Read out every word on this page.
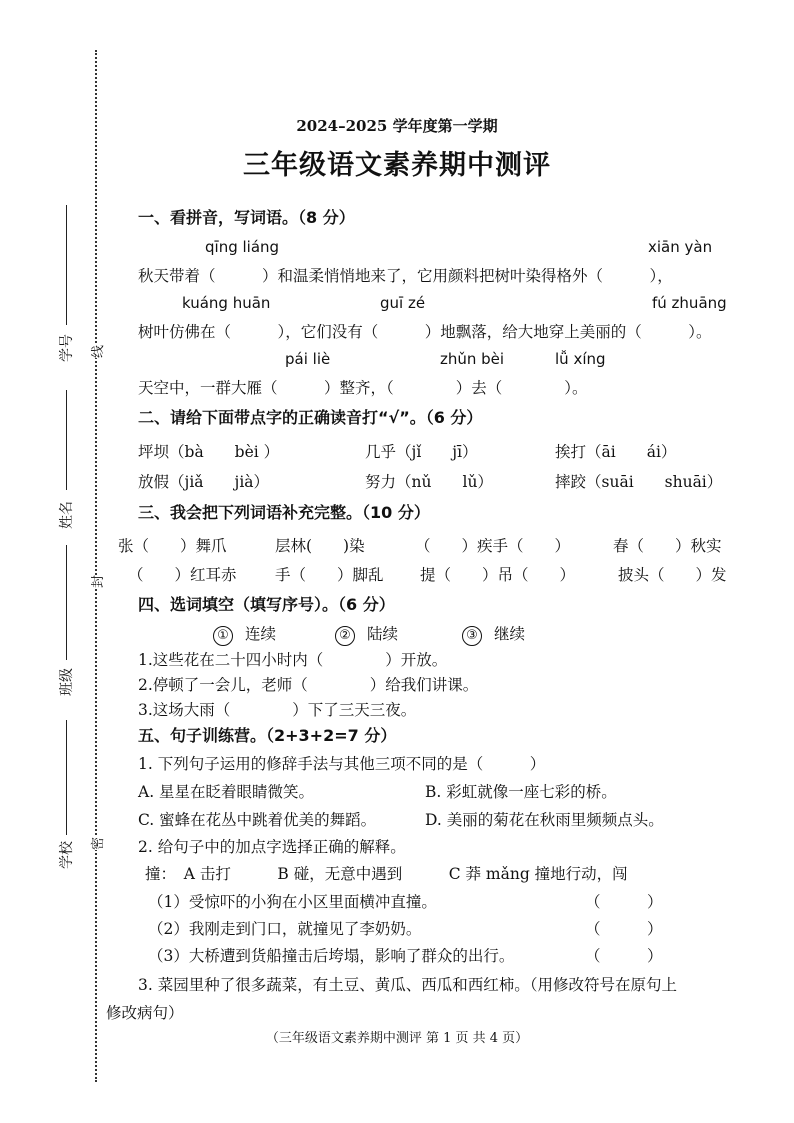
学号
姓名
班级
学校
线
封
密
2024–2025 学年度第一学期
三年级语文素养期中测评
一、看拼音，写词语。（8 分）
qīng liáng	xiān yàn
秋天带着（　　　）和温柔悄悄地来了，它用颜料把树叶染得格外（　　　），
kuáng huān	guī zé	fú zhuāng
树叶仿佛在（　　　），它们没有（　　　）地飘落，给大地穿上美丽的（　　　）。
pái liè	zhǔn bèi	lǚ xíng
天空中，一群大雁（　　　）整齐，（　　　　）去（　　　　）。
二、请给下面带点字的正确读音打“√”。（6 分）
坪坝（bà　　bèi ）	几乎（jǐ　　jī）	挨打（āi　　ái）
放假（jiǎ　　jià）	努力（nǔ　　lǔ）	摔跤（suāi　　shuāi）
三、我会把下列词语补充完整。（10 分）
张（　　）舞爪	层林(　　)染	（　　）疾手（　　）	春（　　）秋实
（　　）红耳赤 手（　　）脚乱 提（　　）吊（　　）	披头（　　）发
四、选词填空（填写序号）。（6 分）
① 连续	② 陆续	③ 继续
1.这些花在二十四小时内（　　　　）开放。
2.停顿了一会儿，老师（　　　　）给我们讲课。
3.这场大雨（　　　　）下了三天三夜。
五、句子训练营。（2+3+2=7 分）
1. 下列句子运用的修辞手法与其他三项不同的是（　　　）
A. 星星在眨着眼睛微笑。	B. 彩虹就像一座七彩的桥。
C. 蜜蜂在花丛中跳着优美的舞蹈。	D. 美丽的菊花在秋雨里频频点头。
2. 给句子中的加点字选择正确的解释。
撞：　A 击打　　　B 碰，无意中遇到　　　C 莽 mǎng 撞地行动，闯
（1）受惊吓的小狗在小区里面横冲直撞。	（　　　）
（2）我刚走到门口，就撞见了李奶奶。	（　　　）
（3）大桥遭到货船撞击后垮塌，影响了群众的出行。	（　　　）
3. 菜园里种了很多蔬菜，有土豆、黄瓜、西瓜和西红柿。（用修改符号在原句上
修改病句）
（三年级语文素养期中测评 第 1 页 共 4 页）
